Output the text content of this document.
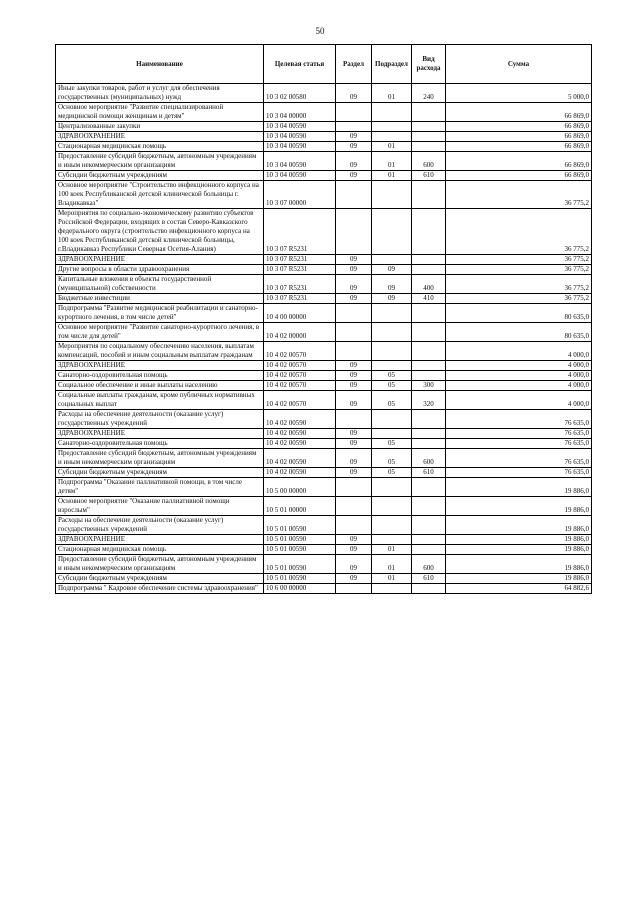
50
Наименование	Целевая статья	Раздел	Подраздел	Вид расхода	Сумма
Иные закупки товаров, работ и услуг для обеспечения государственных (муниципальных) нужд	10 3 02 00580	09	01	240	5 000,0
Основное мероприятие "Развитие специализированной медицинской помощи женщинам и детям"	10 3 04 00000				66 869,0
Централизованные закупки	10 3 04 00590				66 869,0
ЗДРАВООХРАНЕНИЕ	10 3 04 00590	09			66 869,0
Стационарная медицинская помощь	10 3 04 00590	09	01		66 869,0
Предоставление субсидий бюджетным, автономным учреждениям и иным некоммерческим организациям	10 3 04 00590	09	01	600	66 869,0
Субсидии бюджетным учреждениям	10 3 04 00590	09	01	610	66 869,0
Основное мероприятие "Строительство инфекционного корпуса на 100 коек Республиканской детской клинической больницы г. Владикавказ"	10 3 07 00000				36 775,2
Мероприятия по социально-экономическому развитию субъектов Российской Федерации, входящих в состав Северо-Кавказского федерального округа (строительство инфекционного корпуса на 100 коек Республиканской детской клинической больницы, г.Владикавказ Республики Северная Осетия-Алания)	10 3 07 R5231				36 775,2
ЗДРАВООХРАНЕНИЕ	10 3 07 R5231	09			36 775,2
Другие вопросы в области здравоохранения	10 3 07 R5231	09	09		36 775,2
Капитальные вложения в объекты государственной (муниципальной) собственности	10 3 07 R5231	09	09	400	36 775,2
Бюджетные инвестиции	10 3 07 R5231	09	09	410	36 775,2
Подпрограмма "Развитие медицинской реабилитации и санаторно-курортного лечения, в том числе детей"	10 4 00 00000				80 635,0
Основное мероприятие "Развитие санаторно-курортного лечения, в том числе для детей"	10 4 02 00000				80 635,0
Мероприятия по социальному обеспечению населения, выплатам компенсаций, пособий и иным социальным выплатам гражданам	10 4 02 00570				4 000,0
ЗДРАВООХРАНЕНИЕ	10 4 02 00570	09			4 000,0
Санаторно-оздоровительная помощь	10 4 02 00570	09	05		4 000,0
Социальное обеспечение и иные выплаты населению	10 4 02 00570	09	05	300	4 000,0
Социальные выплаты гражданам, кроме публичных нормативных социальных выплат	10 4 02 00570	09	05	320	4 000,0
Расходы на обеспечение деятельности (оказание услуг) государственных учреждений	10 4 02 00590				76 635,0
ЗДРАВООХРАНЕНИЕ	10 4 02 00590	09			76 635,0
Санаторно-оздоровительная помощь	10 4 02 00590	09	05		76 635,0
Предоставление субсидий бюджетным, автономным учреждениям и иным некоммерческим организациям	10 4 02 00590	09	05	600	76 635,0
Субсидии бюджетным учреждениям	10 4 02 00590	09	05	610	76 635,0
Подпрограмма "Оказание паллиативной помощи, в том числе детям"	10 5 00 00000				19 886,0
Основное мероприятие "Оказание паллиативной помощи взрослым"	10 5 01 00000				19 886,0
Расходы на обеспечение деятельности (оказание услуг) государственных учреждений	10 5 01 00590				19 886,0
ЗДРАВООХРАНЕНИЕ	10 5 01 00590	09			19 886,0
Стационарная медицинская помощь	10 5 01 00590	09	01		19 886,0
Предоставление субсидий бюджетным, автономным учреждениям и иным некоммерческим организациям	10 5 01 00590	09	01	600	19 886,0
Субсидии бюджетным учреждениям	10 5 01 00590	09	01	610	19 886,0
Подпрограмма " Кадровое обеспечение системы здравоохранения"	10 6 00 00000				64 882,6
